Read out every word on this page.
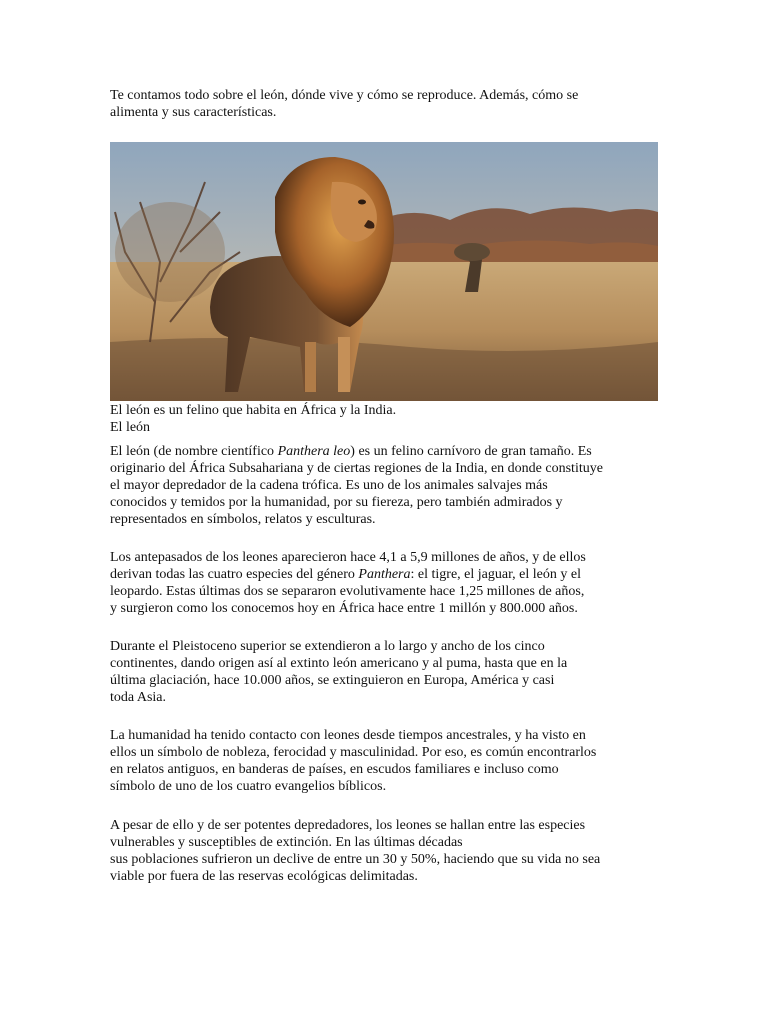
Te contamos todo sobre el león, dónde vive y cómo se reproduce. Además, cómo se
alimenta y sus características.

El león es un felino que habita en África y la India.
El león

El león (de nombre científico Panthera leo) es un felino carnívoro de gran tamaño. Es
originario del África Subsahariana y de ciertas regiones de la India, en donde constituye
el mayor depredador de la cadena trófica. Es uno de los animales salvajes más
conocidos y temidos por la humanidad, por su fiereza, pero también admirados y
representados en símbolos, relatos y esculturas.

Los antepasados de los leones aparecieron hace 4,1 a 5,9 millones de años, y de ellos
derivan todas las cuatro especies del género Panthera: el tigre, el jaguar, el león y el
leopardo. Estas últimas dos se separaron evolutivamente hace 1,25 millones de años,
y surgieron como los conocemos hoy en África hace entre 1 millón y 800.000 años.

Durante el Pleistoceno superior se extendieron a lo largo y ancho de los cinco
continentes, dando origen así al extinto león americano y al puma, hasta que en la
última glaciación, hace 10.000 años, se extinguieron en Europa, América y casi
toda Asia.

La humanidad ha tenido contacto con leones desde tiempos ancestrales, y ha visto en
ellos un símbolo de nobleza, ferocidad y masculinidad. Por eso, es común encontrarlos
en relatos antiguos, en banderas de países, en escudos familiares e incluso como
símbolo de uno de los cuatro evangelios bíblicos.

A pesar de ello y de ser potentes depredadores, los leones se hallan entre las especies
vulnerables y susceptibles de extinción. En las últimas décadas
sus poblaciones sufrieron un declive de entre un 30 y 50%, haciendo que su vida no sea
viable por fuera de las reservas ecológicas delimitadas.
